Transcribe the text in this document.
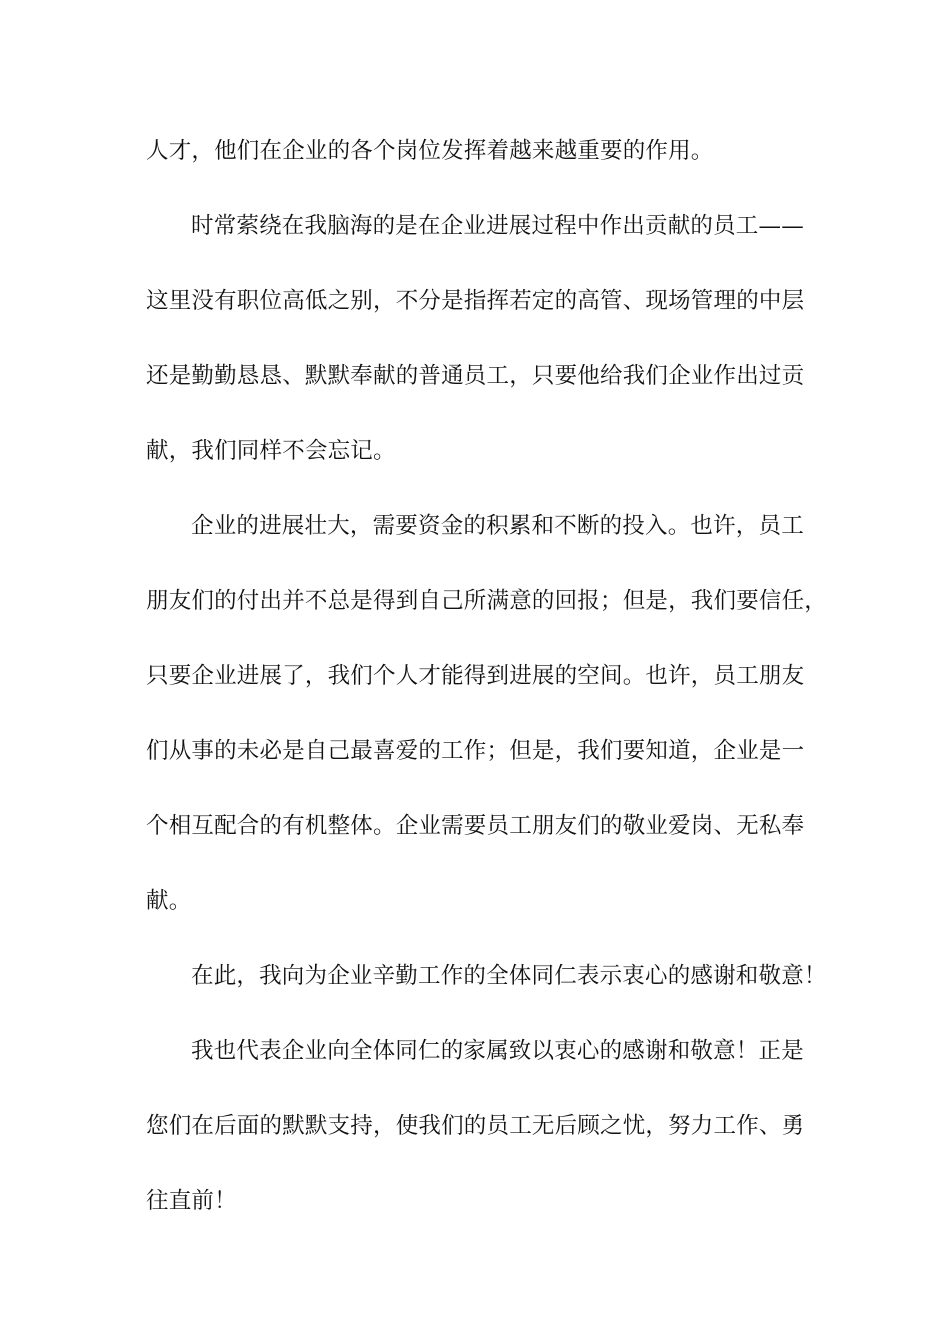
人才，他们在企业的各个岗位发挥着越来越重要的作用。
时常萦绕在我脑海的是在企业进展过程中作出贡献的员工——
这里没有职位高低之别，不分是指挥若定的高管、现场管理的中层
还是勤勤恳恳、默默奉献的普通员工，只要他给我们企业作出过贡
献，我们同样不会忘记。
企业的进展壮大，需要资金的积累和不断的投入。也许，员工
朋友们的付出并不总是得到自己所满意的回报；但是，我们要信任，
只要企业进展了，我们个人才能得到进展的空间。也许，员工朋友
们从事的未必是自己最喜爱的工作；但是，我们要知道，企业是一
个相互配合的有机整体。企业需要员工朋友们的敬业爱岗、无私奉
献。
在此，我向为企业辛勤工作的全体同仁表示衷心的感谢和敬意！
我也代表企业向全体同仁的家属致以衷心的感谢和敬意！正是
您们在后面的默默支持，使我们的员工无后顾之忧，努力工作、勇
往直前！
